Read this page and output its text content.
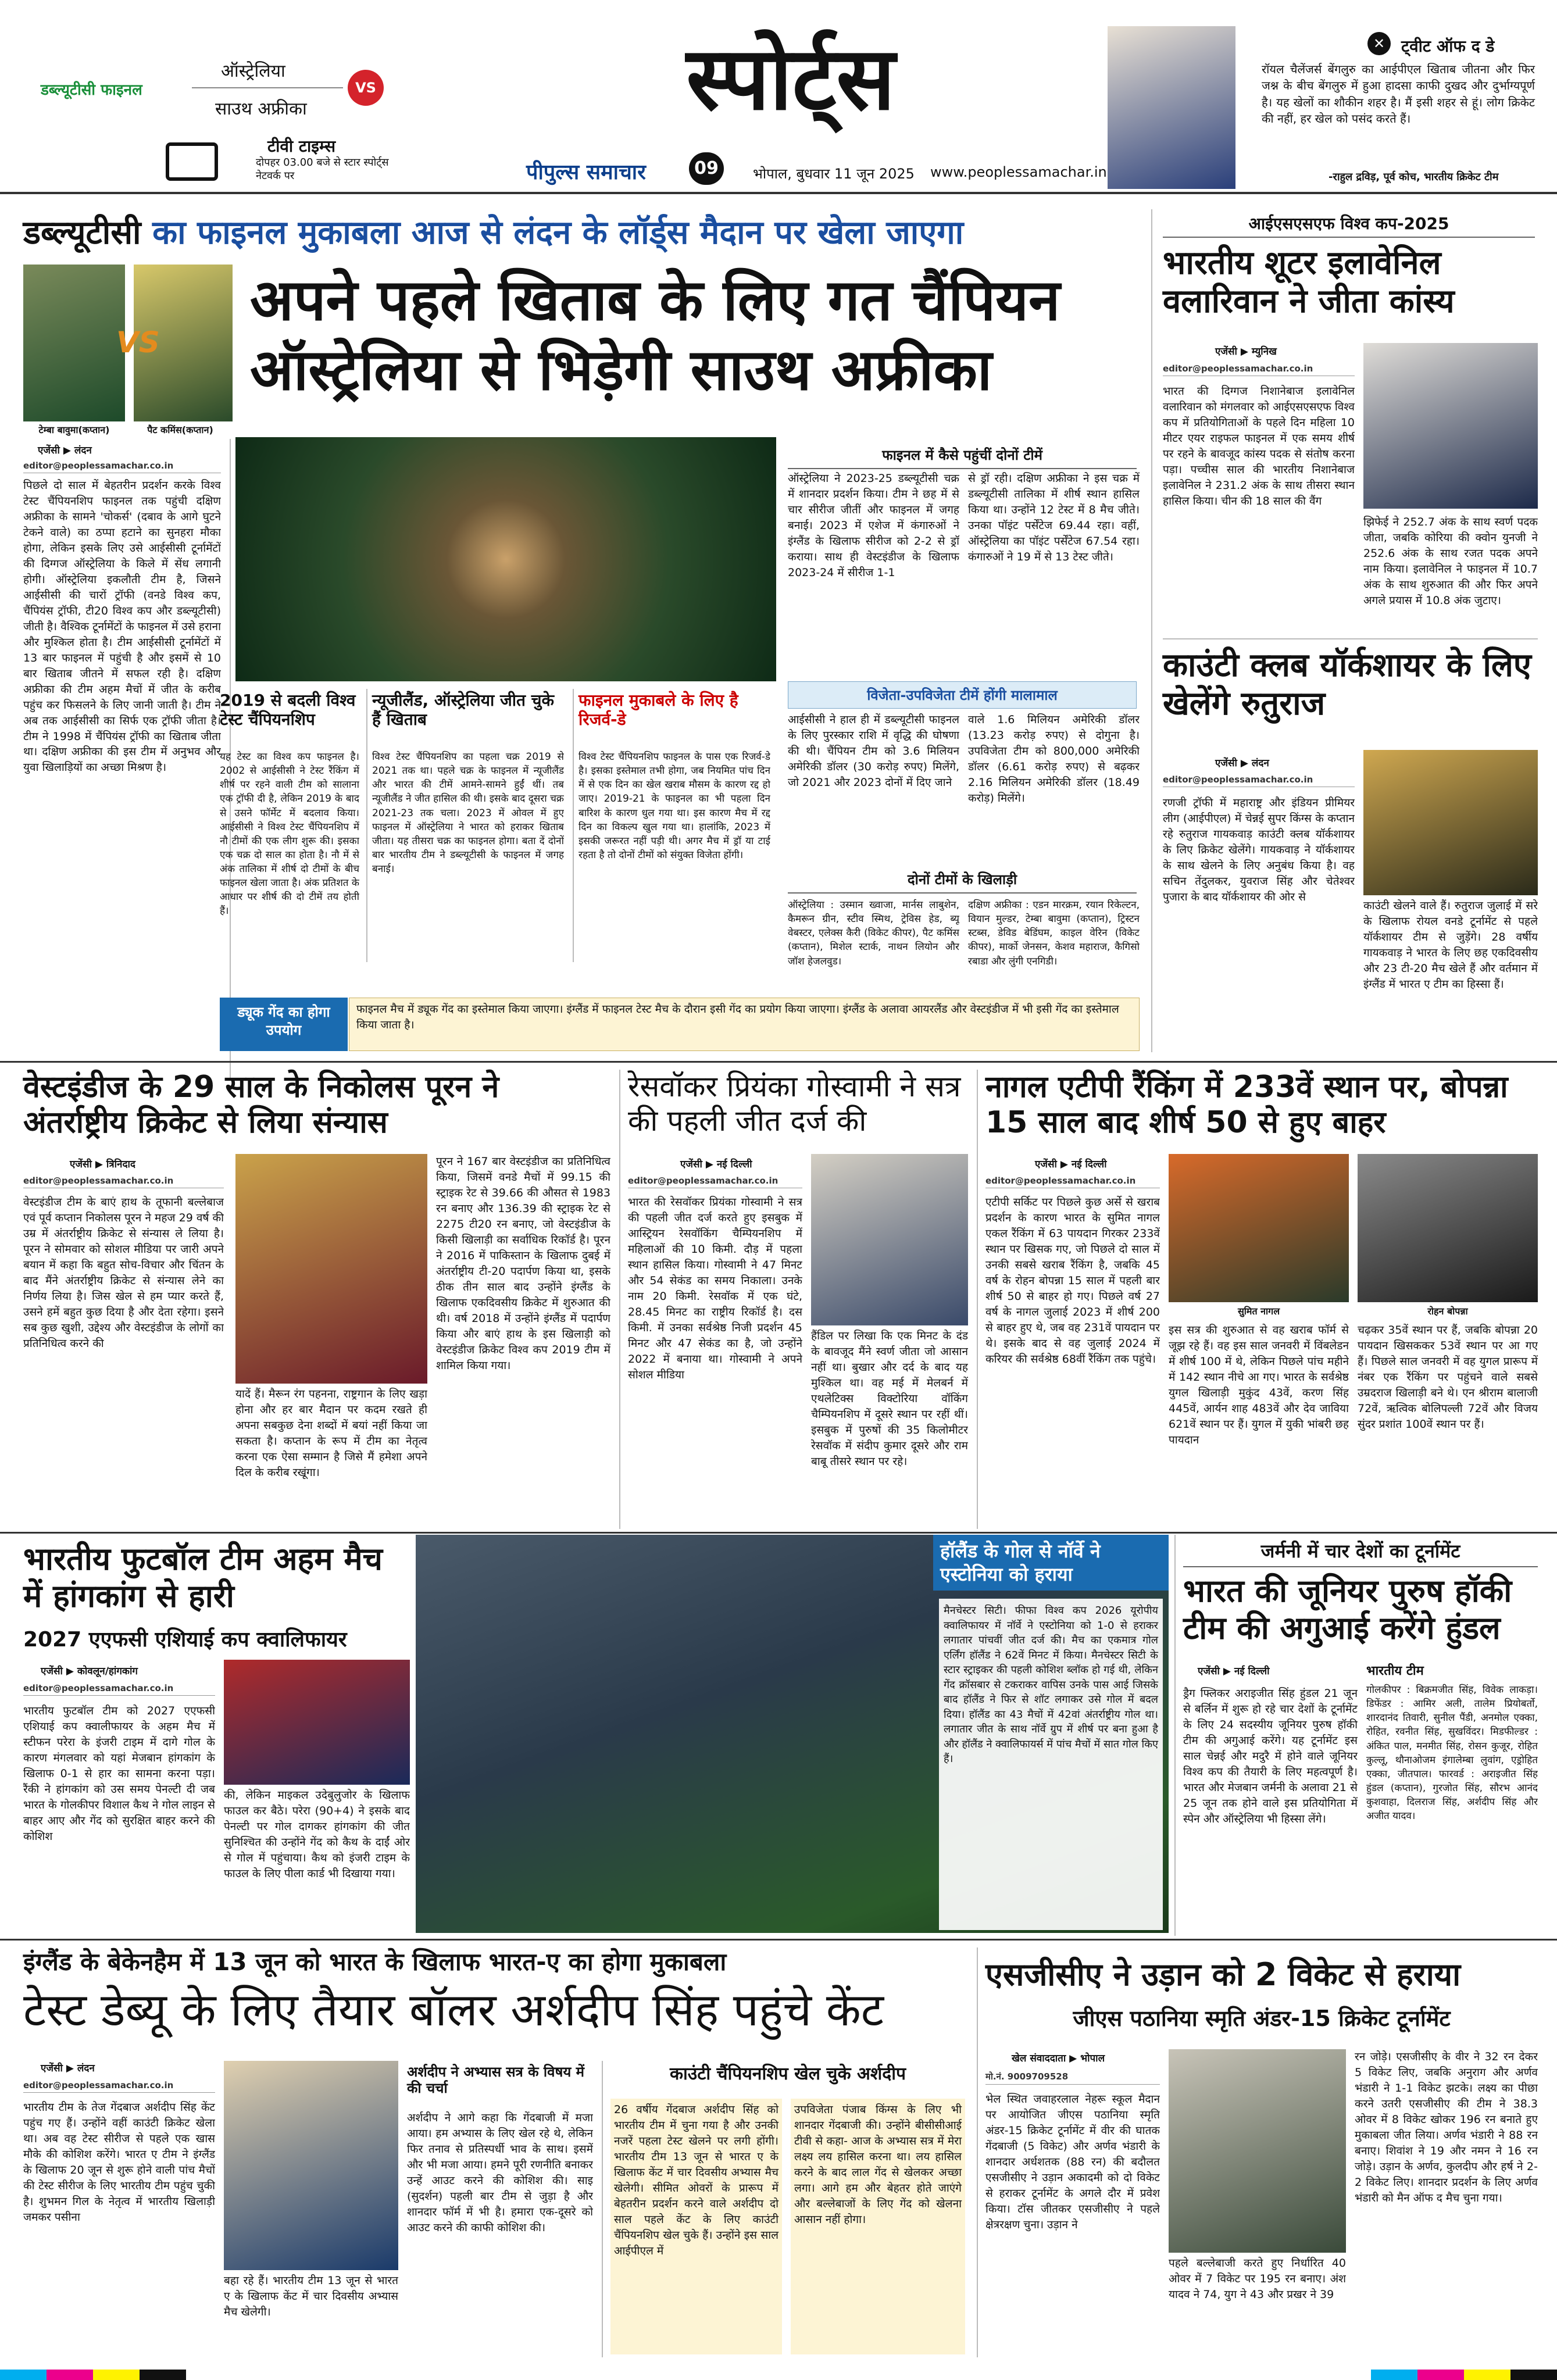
डब्ल्यूटीसी फाइनल
ऑस्ट्रेलिया
साउथ अफ्रीका
VS
टीवी टाइम्स
दोपहर 03.00 बजे से स्टार स्पोर्ट्स नेटवर्क पर
स्पोर्ट्स
पीपुल्स समाचार	09	भोपाल, बुधवार 11 जून 2025 www.peoplessamachar.in
✕ ट्वीट ऑफ द डे
रॉयल चैलेंजर्स बेंगलुरु का आईपीएल खिताब जीतना और फिर जश्न के बीच बेंगलुरु में हुआ हादसा काफी दुखद और दुर्भाग्यपूर्ण है। यह खेलों का शौकीन शहर है। मैं इसी शहर से हूं। लोग क्रिकेट की नहीं, हर खेल को पसंद करते हैं।
-राहुल द्रविड़, पूर्व कोच, भारतीय क्रिकेट टीम
डब्ल्यूटीसी का फाइनल मुकाबला आज से लंदन के लॉर्ड्स मैदान पर खेला जाएगा
VS
टेम्बा बावुमा(कप्तान)	पैट कमिंस(कप्तान)
अपने पहले खिताब के लिए गत चैंपियन
ऑस्ट्रेलिया से भिड़ेगी साउथ अफ्रीका
एजेंसी ▶ लंदन
editor@peoplessamachar.co.in
पिछले दो साल में बेहतरीन प्रदर्शन करके विश्व टेस्ट चैंपियनशिप फाइनल तक पहुंची दक्षिण अफ्रीका के सामने 'चोकर्स' (दबाव के आगे घुटने टेकने वाले) का ठप्पा हटाने का सुनहरा मौका होगा, लेकिन इसके लिए उसे आईसीसी टूर्नामेंटों की दिग्गज ऑस्ट्रेलिया के किले में सेंध लगानी होगी। ऑस्ट्रेलिया इकलौती टीम है, जिसने आईसीसी की चारों ट्रॉफी (वनडे विश्व कप, चैंपियंस ट्रॉफी, टी20 विश्व कप और डब्ल्यूटीसी) जीती है। वैश्विक टूर्नामेंटों के फाइनल में उसे हराना और मुश्किल होता है। टीम आईसीसी टूर्नामेंटों में 13 बार फाइनल में पहुंची है और इसमें से 10 बार खिताब जीतने में सफल रही है। दक्षिण अफ्रीका की टीम अहम मैचों में जीत के करीब पहुंच कर फिसलने के लिए जानी जाती है। टीम ने अब तक आईसीसी का सिर्फ एक ट्रॉफी जीता है। टीम ने 1998 में चैंपियंस ट्रॉफी का खिताब जीता था। दक्षिण अफ्रीका की इस टीम में अनुभव और युवा खिलाड़ियों का अच्छा मिश्रण है।
2019 से बदली विश्व टेस्ट चैंपियनशिप
यह टेस्ट का विश्व कप फाइनल है। 2002 से आईसीसी ने टेस्ट रैंकिंग में शीर्ष पर रहने वाली टीम को सालाना एक ट्रॉफी दी है, लेकिन 2019 के बाद से उसने फॉर्मेट में बदलाव किया। आईसीसी ने विश्व टेस्ट चैंपियनशिप में नौ टीमों की एक लीग शुरू की। इसका एक चक्र दो साल का होता है। नौ में से अंक तालिका में शीर्ष दो टीमों के बीच फाइनल खेला जाता है। अंक प्रतिशत के आधार पर शीर्ष की दो टीमें तय होती हैं।
न्यूजीलैंड, ऑस्ट्रेलिया जीत चुके हैं खिताब
विश्व टेस्ट चैंपियनशिप का पहला चक्र 2019 से 2021 तक था। पहले चक्र के फाइनल में न्यूजीलैंड और भारत की टीमें आमने-सामने हुईं थीं। तब न्यूजीलैंड ने जीत हासिल की थी। इसके बाद दूसरा चक्र 2021-23 तक चला। 2023 में ओवल में हुए फाइनल में ऑस्ट्रेलिया ने भारत को हराकर खिताब जीता। यह तीसरा चक्र का फाइनल होगा। बता दें दोनों बार भारतीय टीम ने डब्ल्यूटीसी के फाइनल में जगह बनाई।
फाइनल मुकाबले के लिए है रिजर्व-डे
विश्व टेस्ट चैंपियनशिप फाइनल के पास एक रिजर्व-डे है। इसका इस्तेमाल तभी होगा, जब नियमित पांच दिन में से एक दिन का खेल खराब मौसम के कारण रद्द हो जाए। 2019-21 के फाइनल का भी पहला दिन बारिश के कारण धुल गया था। इस कारण मैच में रद्द दिन का विकल्प खुल गया था। हालांकि, 2023 में इसकी जरूरत नहीं पड़ी थी। अगर मैच में ड्रॉ या टाई रहता है तो दोनों टीमों को संयुक्त विजेता होंगी।
ड्यूक गेंद का होगा उपयोग
फाइनल मैच में ड्यूक गेंद का इस्तेमाल किया जाएगा। इंग्लैंड में फाइनल टेस्ट मैच के दौरान इसी गेंद का प्रयोग किया जाएगा। इंग्लैंड के अलावा आयरलैंड और वेस्टइंडीज में भी इसी गेंद का इस्तेमाल किया जाता है।
फाइनल में कैसे पहुंचीं दोनों टीमें
ऑस्ट्रेलिया ने 2023-25 डब्ल्यूटीसी चक्र में शानदार प्रदर्शन किया। टीम ने छह में से चार सीरीज जीतीं और फाइनल में जगह बनाई। 2023 में एशेज में कंगारुओं ने इंग्लैंड के खिलाफ सीरीज को 2-2 से ड्रॉ कराया। साथ ही वेस्टइंडीज के खिलाफ 2023-24 में सीरीज 1-1
से ड्रॉ रही। दक्षिण अफ्रीका ने इस चक्र में डब्ल्यूटीसी तालिका में शीर्ष स्थान हासिल किया था। उन्होंने 12 टेस्ट में 8 मैच जीते। उनका पॉइंट पर्सेंटेज 69.44 रहा। वहीं, ऑस्ट्रेलिया का पॉइंट पर्सेंटेज 67.54 रहा। कंगारुओं ने 19 में से 13 टेस्ट जीते।
विजेता-उपविजेता टीमें होंगी मालामाल
आईसीसी ने हाल ही में डब्ल्यूटीसी फाइनल के लिए पुरस्कार राशि में वृद्धि की घोषणा की थी। चैंपियन टीम को 3.6 मिलियन अमेरिकी डॉलर (30 करोड़ रुपए) मिलेंगे, जो 2021 और 2023 दोनों में दिए जाने
वाले 1.6 मिलियन अमेरिकी डॉलर (13.23 करोड़ रुपए) से दोगुना है। उपविजेता टीम को 800,000 अमेरिकी डॉलर (6.61 करोड़ रुपए) से बढ़कर 2.16 मिलियन अमेरिकी डॉलर (18.49 करोड़) मिलेंगे।
दोनों टीमों के खिलाड़ी
ऑस्ट्रेलिया : उस्मान ख्वाजा, मार्नस लाबुशेन, कैमरून ग्रीन, स्टीव स्मिथ, ट्रेविस हेड, ब्यू वेबस्टर, एलेक्स कैरी (विकेट कीपर), पैट कमिंस (कप्तान), मिशेल स्टार्क, नाथन लियोन और जॉश हेजलवुड।
दक्षिण अफ्रीका : एडन मारक्रम, रयान रिकेल्टन, वियान मुल्डर, टेम्बा बावुमा (कप्तान), ट्रिस्टन स्टब्स, डेविड बेडिंघम, काइल वेरिन (विकेट कीपर), मार्को जेनसन, केशव महाराज, कैगिसो रबाडा और लुंगी एनगिडी।
आईएसएसएफ विश्व कप-2025
भारतीय शूटर इलावेनिल वलारिवान ने जीता कांस्य
एजेंसी ▶ म्युनिख
editor@peoplessamachar.co.in
भारत की दिग्गज निशानेबाज इलावेनिल वलारिवान को मंगलवार को आईएसएसएफ विश्व कप में प्रतियोगिताओं के पहले दिन महिला 10 मीटर एयर राइफल फाइनल में एक समय शीर्ष पर रहने के बावजूद कांस्य पदक से संतोष करना पड़ा। पच्चीस साल की भारतीय निशानेबाज इलावेनिल ने 231.2 अंक के साथ तीसरा स्थान हासिल किया। चीन की 18 साल की वैंग
झिफेई ने 252.7 अंक के साथ स्वर्ण पदक जीता, जबकि कोरिया की क्वोन युनजी ने 252.6 अंक के साथ रजत पदक अपने नाम किया। इलावेनिल ने फाइनल में 10.7 अंक के साथ शुरुआत की और फिर अपने अगले प्रयास में 10.8 अंक जुटाए।
काउंटी क्लब यॉर्कशायर के लिए खेलेंगे रुतुराज
एजेंसी ▶ लंदन
editor@peoplessamachar.co.in
रणजी ट्रॉफी में महाराष्ट्र और इंडियन प्रीमियर लीग (आईपीएल) में चेन्नई सुपर किंग्स के कप्तान रहे रुतुराज गायकवाड़ काउंटी क्लब यॉर्कशायर के लिए क्रिकेट खेलेंगे। गायकवाड़ ने यॉर्कशायर के साथ खेलने के लिए अनुबंध किया है। वह सचिन तेंदुलकर, युवराज सिंह और चेतेश्वर पुजारा के बाद यॉर्कशायर की ओर से
काउंटी खेलने वाले हैं। रुतुराज जुलाई में सरे के खिलाफ रोयल वनडे टूर्नामेंट से पहले यॉर्कशायर टीम से जुड़ेंगे। 28 वर्षीय गायकवाड़ ने भारत के लिए छह एकदिवसीय और 23 टी-20 मैच खेले हैं और वर्तमान में इंग्लैंड में भारत ए टीम का हिस्सा हैं।
वेस्टइंडीज के 29 साल के निकोलस पूरन ने अंतर्राष्ट्रीय क्रिकेट से लिया संन्यास
एजेंसी ▶ त्रिनिदाद
editor@peoplessamachar.co.in
वेस्टइंडीज टीम के बाएं हाथ के तूफानी बल्लेबाज एवं पूर्व कप्तान निकोलस पूरन ने महज 29 वर्ष की उम्र में अंतर्राष्ट्रीय क्रिकेट से संन्यास ले लिया है। पूरन ने सोमवार को सोशल मीडिया पर जारी अपने बयान में कहा कि बहुत सोच-विचार और चिंतन के बाद मैंने अंतर्राष्ट्रीय क्रिकेट से संन्यास लेने का निर्णय लिया है। जिस खेल से हम प्यार करते हैं, उसने हमें बहुत कुछ दिया है और देता रहेगा। इसने सब कुछ खुशी, उद्देश्य और वेस्टइंडीज के लोगों का प्रतिनिधित्व करने की
यादें हैं। मैरून रंग पहनना, राष्ट्रगान के लिए खड़ा होना और हर बार मैदान पर कदम रखते ही अपना सबकुछ देना शब्दों में बयां नहीं किया जा सकता है। कप्तान के रूप में टीम का नेतृत्व करना एक ऐसा सम्मान है जिसे मैं हमेशा अपने दिल के करीब रखूंगा।
पूरन ने 167 बार वेस्टइंडीज का प्रतिनिधित्व किया, जिसमें वनडे मैचों में 99.15 की स्ट्राइक रेट से 39.66 की औसत से 1983 रन बनाए और 136.39 की स्ट्राइक रेट से 2275 टी20 रन बनाए, जो वेस्टइंडीज के किसी खिलाड़ी का सर्वाधिक रिकॉर्ड है। पूरन ने 2016 में पाकिस्तान के खिलाफ दुबई में अंतर्राष्ट्रीय टी-20 पदार्पण किया था, इसके ठीक तीन साल बाद उन्होंने इंग्लैंड के खिलाफ एकदिवसीय क्रिकेट में शुरुआत की थी। वर्ष 2018 में उन्होंने इंग्लैंड में पदार्पण किया और बाएं हाथ के इस खिलाड़ी को वेस्टइंडीज क्रिकेट विश्व कप 2019 टीम में शामिल किया गया।
रेसवॉकर प्रियंका गोस्वामी ने सत्र की पहली जीत दर्ज की
एजेंसी ▶ नई दिल्ली
editor@peoplessamachar.co.in
भारत की रेसवॉकर प्रियंका गोस्वामी ने सत्र की पहली जीत दर्ज करते हुए इसबुक में आस्ट्रियन रेसवॉकिंग चैम्पियनशिप में महिलाओं की 10 किमी. दौड़ में पहला स्थान हासिल किया। गोस्वामी ने 47 मिनट और 54 सेकंड का समय निकाला। उनके नाम 20 किमी. रेसवॉक में एक घंटे, 28.45 मिनट का राष्ट्रीय रिकॉर्ड है। दस किमी. में उनका सर्वश्रेष्ठ निजी प्रदर्शन 45 मिनट और 47 सेकंड का है, जो उन्होंने 2022 में बनाया था। गोस्वामी ने अपने सोशल मीडिया
हैंडिल पर लिखा कि एक मिनट के दंड के बावजूद मैंने स्वर्ण जीता जो आसान नहीं था। बुखार और दर्द के बाद यह मुश्किल था। वह मई में मेलबर्न में एथलेटिक्स विक्टोरिया वॉकिंग चैम्पियनशिप में दूसरे स्थान पर रहीं थीं। इसबुक में पुरुषों की 35 किलोमीटर रेसवॉक में संदीप कुमार दूसरे और राम बाबू तीसरे स्थान पर रहे।
नागल एटीपी रैंकिंग में 233वें स्थान पर, बोपन्ना 15 साल बाद शीर्ष 50 से हुए बाहर
एजेंसी ▶ नई दिल्ली
editor@peoplessamachar.co.in
एटीपी सर्किट पर पिछले कुछ अर्से से खराब प्रदर्शन के कारण भारत के सुमित नागल एकल रैंकिंग में 63 पायदान गिरकर 233वें स्थान पर खिसक गए, जो पिछले दो साल में उनकी सबसे खराब रैंकिंग है, जबकि 45 वर्ष के रोहन बोपन्ना 15 साल में पहली बार शीर्ष 50 से बाहर हो गए। पिछले वर्ष 27 वर्ष के नागल जुलाई 2023 में शीर्ष 200 से बाहर हुए थे, जब वह 231वें पायदान पर थे। इसके बाद से वह जुलाई 2024 में करियर की सर्वश्रेष्ठ 68वीं रैंकिंग तक पहुंचे।
सुमित नागल	रोहन बोपन्ना
इस सत्र की शुरुआत से वह खराब फॉर्म से जूझ रहे हैं। वह इस साल जनवरी में विंबलेडन में शीर्ष 100 में थे, लेकिन पिछले पांच महीने में 142 स्थान नीचे आ गए। भारत के सर्वश्रेष्ठ युगल खिलाड़ी मुकुंद 43वें, करण सिंह 445वें, आर्यन शाह 483वें और देव जाविया 621वें स्थान पर हैं। युगल में युकी भांबरी छह पायदान
चढ़कर 35वें स्थान पर हैं, जबकि बोपन्ना 20 पायदान खिसककर 53वें स्थान पर आ गए हैं। पिछले साल जनवरी में वह युगल प्रारूप में नंबर एक रैंकिंग पर पहुंचने वाले सबसे उम्रदराज खिलाड़ी बने थे। एन श्रीराम बालाजी 72वें, ऋत्विक बोलिपल्ली 72वें और विजय सुंदर प्रशांत 100वें स्थान पर हैं।
भारतीय फुटबॉल टीम अहम मैच में हांगकांग से हारी
2027 एएफसी एशियाई कप क्वालिफायर
एजेंसी ▶ कोवलून/हांगकांग
editor@peoplessamachar.co.in
भारतीय फुटबॉल टीम को 2027 एएफसी एशियाई कप क्वालीफायर के अहम मैच में स्टीफन परेरा के इंजरी टाइम में दागे गोल के कारण मंगलवार को यहां मेजबान हांगकांग के खिलाफ 0-1 से हार का सामना करना पड़ा। रैंकी ने हांगकांग को उस समय पेनल्टी दी जब भारत के गोलकीपर विशाल कैथ ने गोल लाइन से बाहर आए और गेंद को सुरक्षित बाहर करने की कोशिश
की, लेकिन माइकल उदेबुलुजोर के खिलाफ फाउल कर बैठे। परेरा (90+4) ने इसके बाद पेनल्टी पर गोल दागकर हांगकांग की जीत सुनिश्चित की उन्होंने गेंद को कैथ के दाईं ओर से गोल में पहुंचाया। कैथ को इंजरी टाइम के फाउल के लिए पीला कार्ड भी दिखाया गया।
हॉलैंड के गोल से नॉर्वे ने एस्टोनिया को हराया
मैनचेस्टर सिटी। फीफा विश्व कप 2026 यूरोपीय क्वालिफायर में नॉर्वे ने एस्टोनिया को 1-0 से हराकर लगातार पांचवीं जीत दर्ज की। मैच का एकमात्र गोल एर्लिंग हॉलैंड ने 62वें मिनट में किया। मैनचेस्टर सिटी के स्टार स्ट्राइकर की पहली कोशिश ब्लॉक हो गई थी, लेकिन गेंद क्रॉसबार से टकराकर वापिस उनके पास आई जिसके बाद हॉलैंड ने फिर से शॉट लगाकर उसे गोल में बदल दिया। हॉलैंड का 43 मैचों में 42वां अंतर्राष्ट्रीय गोल था। लगातार जीत के साथ नॉर्वे ग्रुप में शीर्ष पर बना हुआ है और हॉलैंड ने क्वालिफायर्स में पांच मैचों में सात गोल किए हैं।
जर्मनी में चार देशों का टूर्नामेंट
भारत की जूनियर पुरुष हॉकी टीम की अगुआई करेंगे हुंडल
एजेंसी ▶ नई दिल्ली
ड्रैग फ्लिकर अराइजीत सिंह हुंडल 21 जून से बर्लिन में शुरू हो रहे चार देशों के टूर्नामेंट के लिए 24 सदस्यीय जूनियर पुरुष हॉकी टीम की अगुआई करेंगे। यह टूर्नामेंट इस साल चेन्नई और मदुरै में होने वाले जूनियर विश्व कप की तैयारी के लिए महत्वपूर्ण है। भारत और मेजबान जर्मनी के अलावा 21 से 25 जून तक होने वाले इस प्रतियोगिता में स्पेन और ऑस्ट्रेलिया भी हिस्सा लेंगे।
भारतीय टीम
गोलकीपर : बिक्रमजीत सिंह, विवेक लाकड़ा। डिफेंडर : आमिर अली, तालेम प्रियोबर्तो, शारदानंद तिवारी, सुनील पैंडी, अनमोल एक्का, रोहित, रवनीत सिंह, सुखविंदर। मिडफील्डर : अंकित पाल, मनमीत सिंह, रोसन कुजूर, रोहित कुल्लू, थौनाओजम इंगालेम्बा लुवांग, एड्रोहित एक्का, जीतपाल। फारवर्ड : अराइजीत सिंह हुंडल (कप्तान), गुरजोत सिंह, सौरभ आनंद कुशवाहा, दिलराज सिंह, अर्शदीप सिंह और अजीत यादव।
इंग्लैंड के बेकेनहैम में 13 जून को भारत के खिलाफ भारत-ए का होगा मुकाबला
टेस्ट डेब्यू के लिए तैयार बॉलर अर्शदीप सिंह पहुंचे केंट
एजेंसी ▶ लंदन
editor@peoplessamachar.co.in
भारतीय टीम के तेज गेंदबाज अर्शदीप सिंह केंट पहुंच गए हैं। उन्होंने वहीं काउंटी क्रिकेट खेला था। अब वह टेस्ट सीरीज से पहले एक खास मौके की कोशिश करेंगे। भारत ए टीम ने इंग्लैंड के खिलाफ 20 जून से शुरू होने वाली पांच मैचों की टेस्ट सीरीज के लिए भारतीय टीम पहुंच चुकी है। शुभमन गिल के नेतृत्व में भारतीय खिलाड़ी जमकर पसीना
बहा रहे हैं। भारतीय टीम 13 जून से भारत ए के खिलाफ केंट में चार दिवसीय अभ्यास मैच खेलेगी।
अर्शदीप ने अभ्यास सत्र के विषय में की चर्चा
अर्शदीप ने आगे कहा कि गेंदबाजी में मजा आया। हम अभ्यास के लिए खेल रहे थे, लेकिन फिर तनाव से प्रतिस्पर्धी भाव के साथ। इसमें और भी मजा आया। हमने पूरी रणनीति बनाकर उन्हें आउट करने की कोशिश की। साइ (सुदर्शन) पहली बार टीम से जुड़ा है और शानदार फॉर्म में भी है। हमारा एक-दूसरे को आउट करने की काफी कोशिश की।
काउंटी चैंपियनशिप खेल चुके अर्शदीप
26 वर्षीय गेंदबाज अर्शदीप सिंह को भारतीय टीम में चुना गया है और उनकी नजरें पहला टेस्ट खेलने पर लगी होंगी। भारतीय टीम 13 जून से भारत ए के खिलाफ केंट में चार दिवसीय अभ्यास मैच खेलेगी। सीमित ओवरों के प्रारूप में बेहतरीन प्रदर्शन करने वाले अर्शदीप दो साल पहले केंट के लिए काउंटी चैंपियनशिप खेल चुके हैं। उन्होंने इस साल आईपीएल में
उपविजेता पंजाब किंग्स के लिए भी शानदार गेंदबाजी की। उन्होंने बीसीसीआई टीवी से कहा- आज के अभ्यास सत्र में मेरा लक्ष्य लय हासिल करना था। लय हासिल करने के बाद लाल गेंद से खेलकर अच्छा लगा। आगे हम और बेहतर होते जाएंगे और बल्लेबाजों के लिए गेंद को खेलना आसान नहीं होगा।
एसजीसीए ने उड़ान को 2 विकेट से हराया
जीएस पठानिया स्मृति अंडर-15 क्रिकेट टूर्नामेंट
खेल संवाददाता ▶ भोपाल
मो.नं. 9009709528
भेल स्थित जवाहरलाल नेहरू स्कूल मैदान पर आयोजित जीएस पठानिया स्मृति अंडर-15 क्रिकेट टूर्नामेंट में वीर की घातक गेंदबाजी (5 विकेट) और अर्णव भंडारी के शानदार अर्धशतक (88 रन) की बदौलत एसजीसीए ने उड़ान अकादमी को दो विकेट से हराकर टूर्नामेंट के अगले दौर में प्रवेश किया। टॉस जीतकर एसजीसीए ने पहले क्षेत्ररक्षण चुना। उड़ान ने
पहले बल्लेबाजी करते हुए निर्धारित 40 ओवर में 7 विकेट पर 195 रन बनाए। अंश यादव ने 74, युग ने 43 और प्रखर ने 39
रन जोड़े। एसजीसीए के वीर ने 32 रन देकर 5 विकेट लिए, जबकि अनुराग और अर्णव भंडारी ने 1-1 विकेट झटके। लक्ष्य का पीछा करने उतरी एसजीसीए की टीम ने 38.3 ओवर में 8 विकेट खोकर 196 रन बनाते हुए मुकाबला जीत लिया। अर्णव भंडारी ने 88 रन बनाए। शिवांश ने 19 और नमन ने 16 रन जोड़े। उड़ान के अर्णव, कुलदीप और हर्ष ने 2-2 विकेट लिए। शानदार प्रदर्शन के लिए अर्णव भंडारी को मैन ऑफ द मैच चुना गया।
